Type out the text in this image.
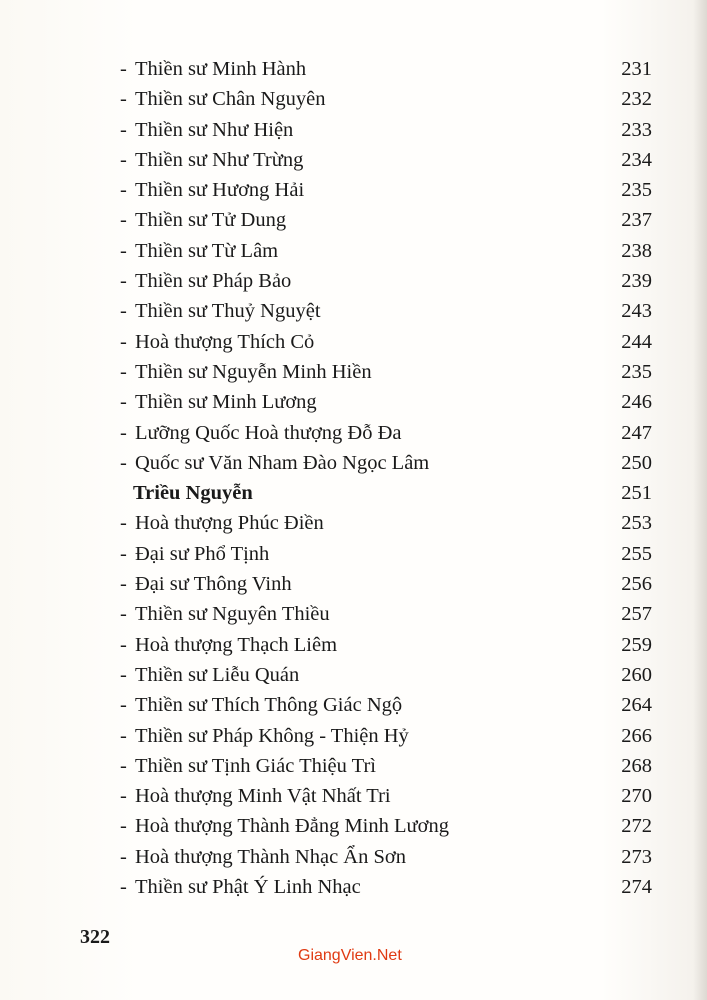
- Thiền sư Minh Hành	231
- Thiền sư Chân Nguyên	232
- Thiền sư Như Hiện	233
- Thiền sư Như Trừng	234
- Thiền sư Hương Hải	235
- Thiền sư Tử Dung	237
- Thiền sư Từ Lâm	238
- Thiền sư Pháp Bảo	239
- Thiền sư Thuỷ Nguyệt	243
- Hoà thượng Thích Cỏ	244
- Thiền sư Nguyễn Minh Hiền	235
- Thiền sư Minh Lương	246
- Lưỡng Quốc Hoà thượng Đỗ Đa	247
- Quốc sư Văn Nham Đào Ngọc Lâm	250
Triều Nguyễn	251
- Hoà thượng Phúc Điền	253
- Đại sư Phổ Tịnh	255
- Đại sư Thông Vinh	256
- Thiền sư Nguyên Thiều	257
- Hoà thượng Thạch Liêm	259
- Thiền sư Liễu Quán	260
- Thiền sư Thích Thông Giác Ngộ	264
- Thiền sư Pháp Không - Thiện Hỷ	266
- Thiền sư Tịnh Giác Thiệu Trì	268
- Hoà thượng Minh Vật Nhất Tri	270
- Hoà thượng Thành Đẳng Minh Lương	272
- Hoà thượng Thành Nhạc Ẩn Sơn	273
- Thiền sư Phật Ý Linh Nhạc	274
322
GiangVien.Net
